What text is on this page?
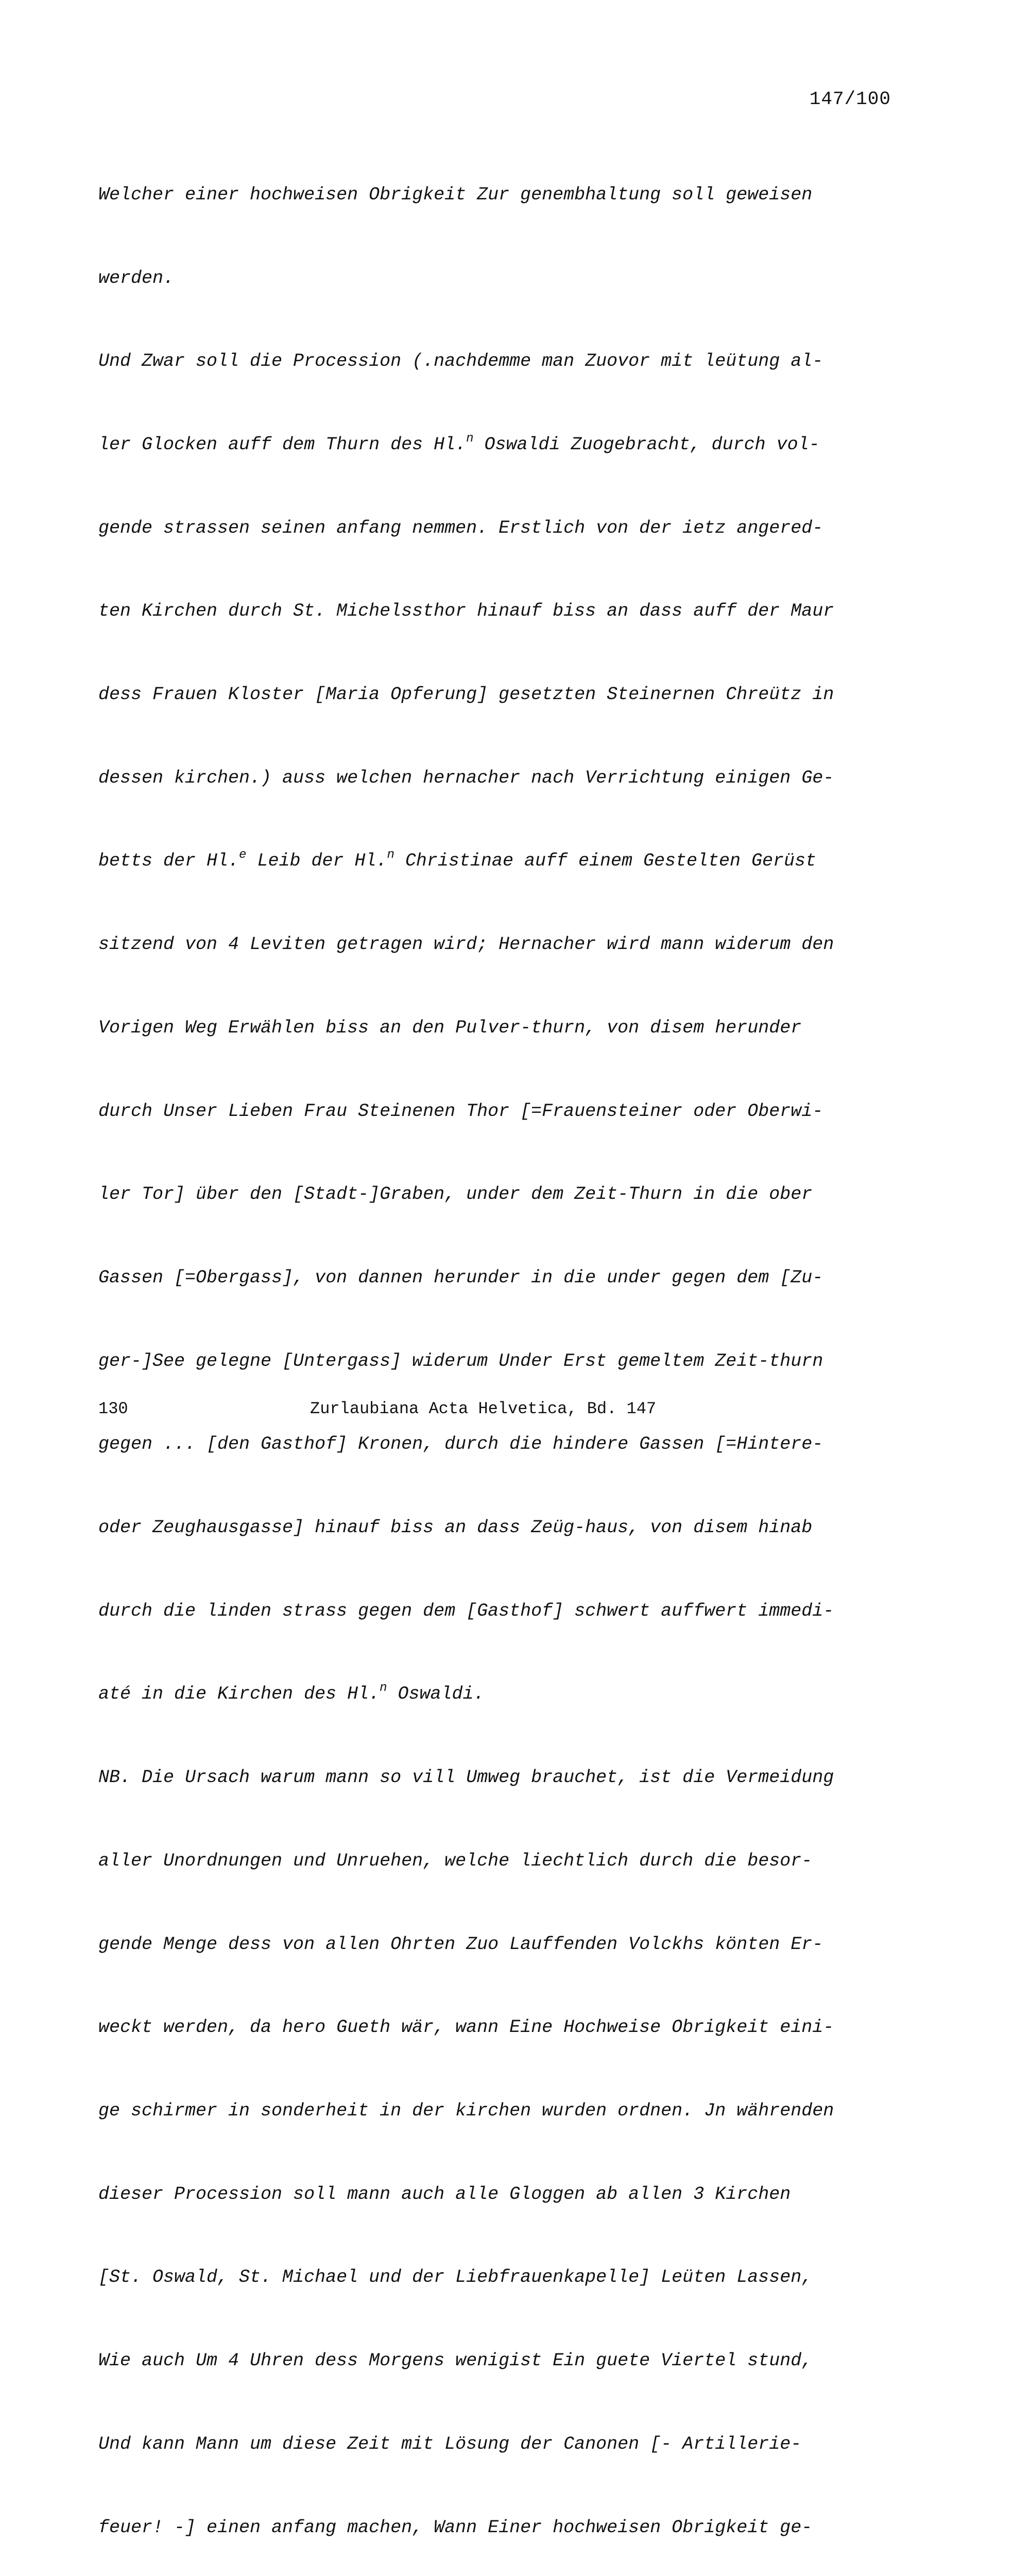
147/100

Welcher einer hochweisen Obrigkeit Zur genembhaltung soll geweisen

werden.

Und Zwar soll die Procession (.nachdemme man Zuovor mit leütung al-

ler Glocken auff dem Thurn des Hl.$^n$ Oswaldi Zuogebracht, durch vol-

gende strassen seinen anfang nemmen. Erstlich von der ietz angered-

ten Kirchen durch St. Michelssthor hinauf biss an dass auff der Maur

dess Frauen Kloster [Maria Opferung] gesetzten Steinernen Chreütz in

dessen kirchen.) auss welchen hernacher nach Verrichtung einigen Ge-

betts der Hl.$^e$ Leib der Hl.$^n$ Christinae auff einem Gestelten Gerüst

sitzend von 4 Leviten getragen wird; Hernacher wird mann widerum den

Vorigen Weg Erwählen biss an den Pulver-thurn, von disem herunder

durch Unser Lieben Frau Steinenen Thor [=Frauensteiner oder Oberwi-

ler Tor] über den [Stadt-]Graben, under dem Zeit-Thurn in die ober

Gassen [=Obergass], von dannen herunder in die under gegen dem [Zu-

ger-]See gelegne [Untergass] widerum Under Erst gemeltem Zeit-thurn

gegen ... [den Gasthof] Kronen, durch die hindere Gassen [=Hintere-

oder Zeughausgasse] hinauf biss an dass Zeüg-haus, von disem hinab

durch die linden strass gegen dem [Gasthof] schwert auffwert immedi-

até in die Kirchen des Hl.$^n$ Oswaldi.

NB. Die Ursach warum mann so vill Umweg brauchet, ist die Vermeidung

aller Unordnungen und Unruehen, welche liechtlich durch die besor-

gende Menge dess von allen Ohrten Zuo Lauffenden Volckhs könten Er-

weckt werden, da hero Gueth wär, wann Eine Hochweise Obrigkeit eini-

ge schirmer in sonderheit in der kirchen wurden ordnen. Jn währenden

dieser Procession soll mann auch alle Gloggen ab allen 3 Kirchen

[St. Oswald, St. Michael und der Liebfrauenkapelle] Leüten Lassen,

Wie auch Um 4 Uhren dess Morgens wenigist Ein guete Viertel stund,

Und kann Mann um diese Zeit mit Lösung der Canonen [- Artillerie-

feuer! -] einen anfang machen, Wann Einer hochweisen Obrigkeit ge-

130	Zurlaubiana Acta Helvetica, Bd. 147
